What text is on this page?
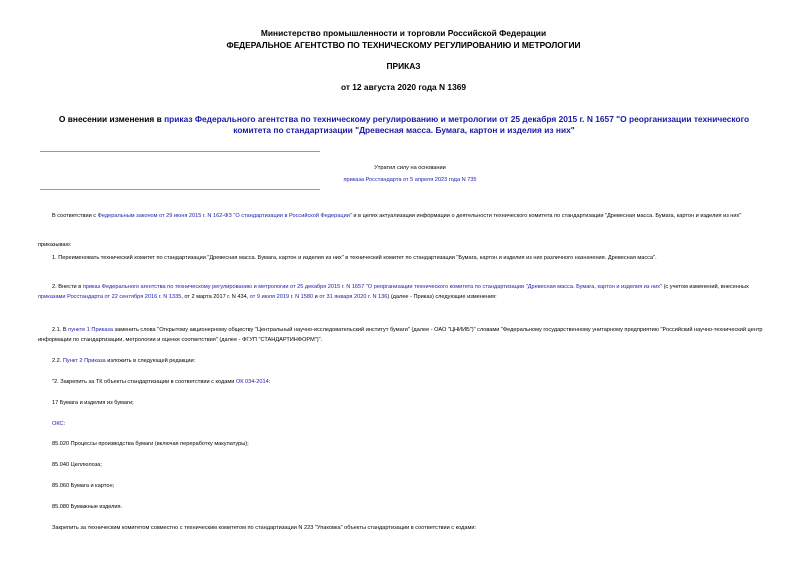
Министерство промышленности и торговли Российской Федерации
ФЕДЕРАЛЬНОЕ АГЕНТСТВО ПО ТЕХНИЧЕСКОМУ РЕГУЛИРОВАНИЮ И МЕТРОЛОГИИ
ПРИКАЗ
от 12 августа 2020 года N 1369
О внесении изменения в приказ Федерального агентства по техническому регулированию и метрологии от 25 декабря 2015 г. N 1657 "О реорганизации технического комитета по стандартизации "Древесная масса. Бумага, картон и изделия из них"
Утратил силу на основании
приказа Росстандарта от 5 апреля 2023 года N 735
В соответствии с Федеральным законом от 29 июня 2015 г. N 162-ФЗ "О стандартизации в Российской Федерации" и в целях актуализации информации о деятельности технического комитета по стандартизации "Древесная масса. Бумага, картон и изделия из них"
приказываю:
1. Переименовать технический комитет по стандартизации "Древесная масса. Бумага, картон и изделия из них" в технический комитет по стандартизации "Бумага, картон и изделия из них различного назначения. Древесная масса".
2. Внести в приказ Федерального агентства по техническому регулированию и метрологии от 25 декабря 2015 г. N 1657 "О реорганизации технического комитета по стандартизации "Древесная масса. Бумага, картон и изделия из них" (с учетом изменений, внесенных приказами Росстандарта от 22 сентября 2016 г. N 1335, от 2 марта 2017 г. N 434, от 9 июля 2019 г. N 1580 и от 31 января 2020 г. N 136) (далее - Приказ) следующие изменения:
2.1. В пункте 1 Приказа заменить слова "Открытому акционерному обществу "Центральный научно-исследовательский институт бумаги" (далее - ОАО "ЦНИИБ")" словами "Федеральному государственному унитарному предприятию "Российский научно-технический центр информации по стандартизации, метрологии и оценке соответствия" (далее - ФГУП "СТАНДАРТИНФОРМ")".
2.2. Пункт 2 Приказа изложить в следующей редакции:
"2. Закрепить за ТК объекты стандартизации в соответствии с кодами ОК 034-2014:
17 Бумага и изделия из бумаги;
ОКС:
85.020 Процессы производства бумаги (включая переработку макулатуры);
85.040 Целлюлоза;
85.060 Бумага и картон;
85.080 Бумажные изделия.
Закрепить за техническим комитетом совместно с техническим комитетом по стандартизации N 223 "Упаковка" объекты стандартизации в соответствии с кодами:
